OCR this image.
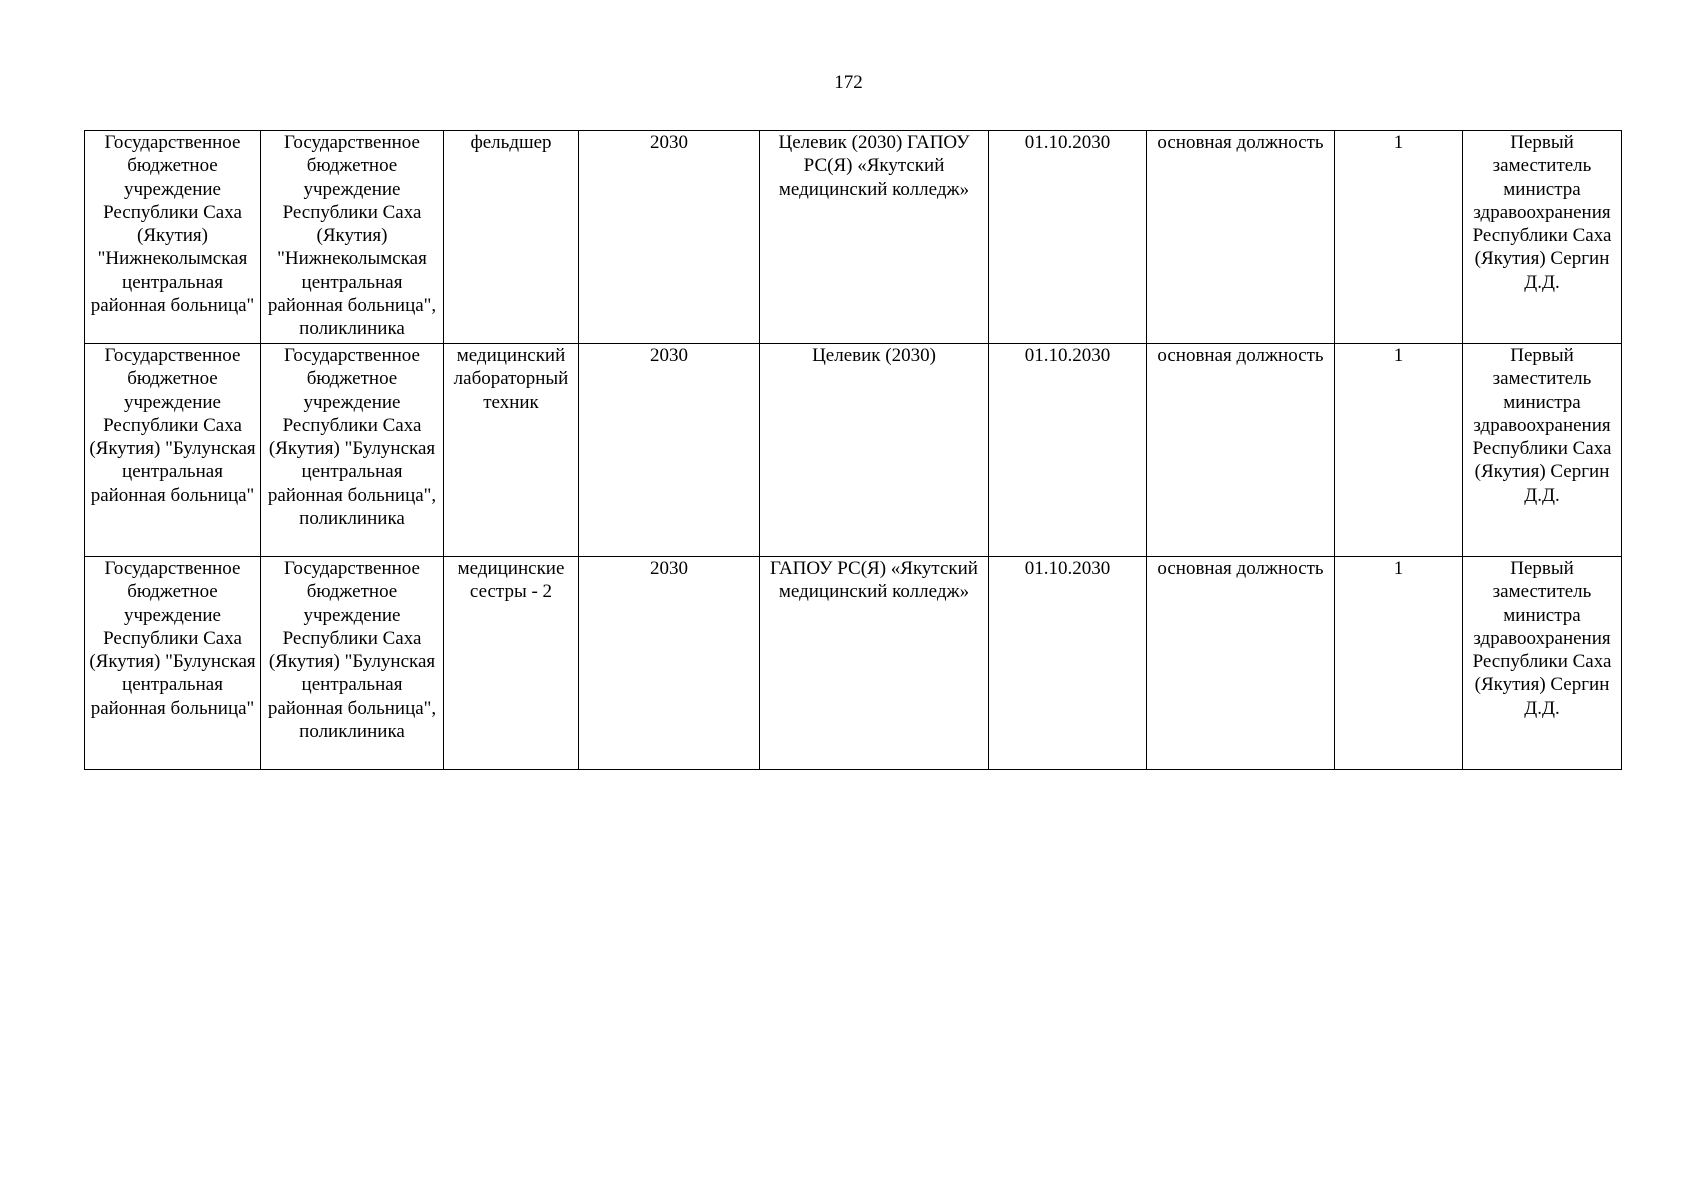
172
Государственное бюджетное учреждение Республики Саха (Якутия) "Нижнеколымская центральная районная больница"	Государственное бюджетное учреждение Республики Саха (Якутия) "Нижнеколымская центральная районная больница", поликлиника	фельдшер	2030	Целевик (2030) ГАПОУ РС(Я) «Якутский медицинский колледж»	01.10.2030	основная должность	1	Первый заместитель министра здравоохранения Республики Саха (Якутия) Сергин Д.Д.
Государственное бюджетное учреждение Республики Саха (Якутия) "Булунская центральная районная больница"	Государственное бюджетное учреждение Республики Саха (Якутия) "Булунская центральная районная больница", поликлиника	медицинский лабораторный техник	2030	Целевик (2030)	01.10.2030	основная должность	1	Первый заместитель министра здравоохранения Республики Саха (Якутия) Сергин Д.Д.
Государственное бюджетное учреждение Республики Саха (Якутия) "Булунская центральная районная больница"	Государственное бюджетное учреждение Республики Саха (Якутия) "Булунская центральная районная больница", поликлиника	медицинские сестры - 2	2030	ГАПОУ РС(Я) «Якутский медицинский колледж»	01.10.2030	основная должность	1	Первый заместитель министра здравоохранения Республики Саха (Якутия) Сергин Д.Д.
